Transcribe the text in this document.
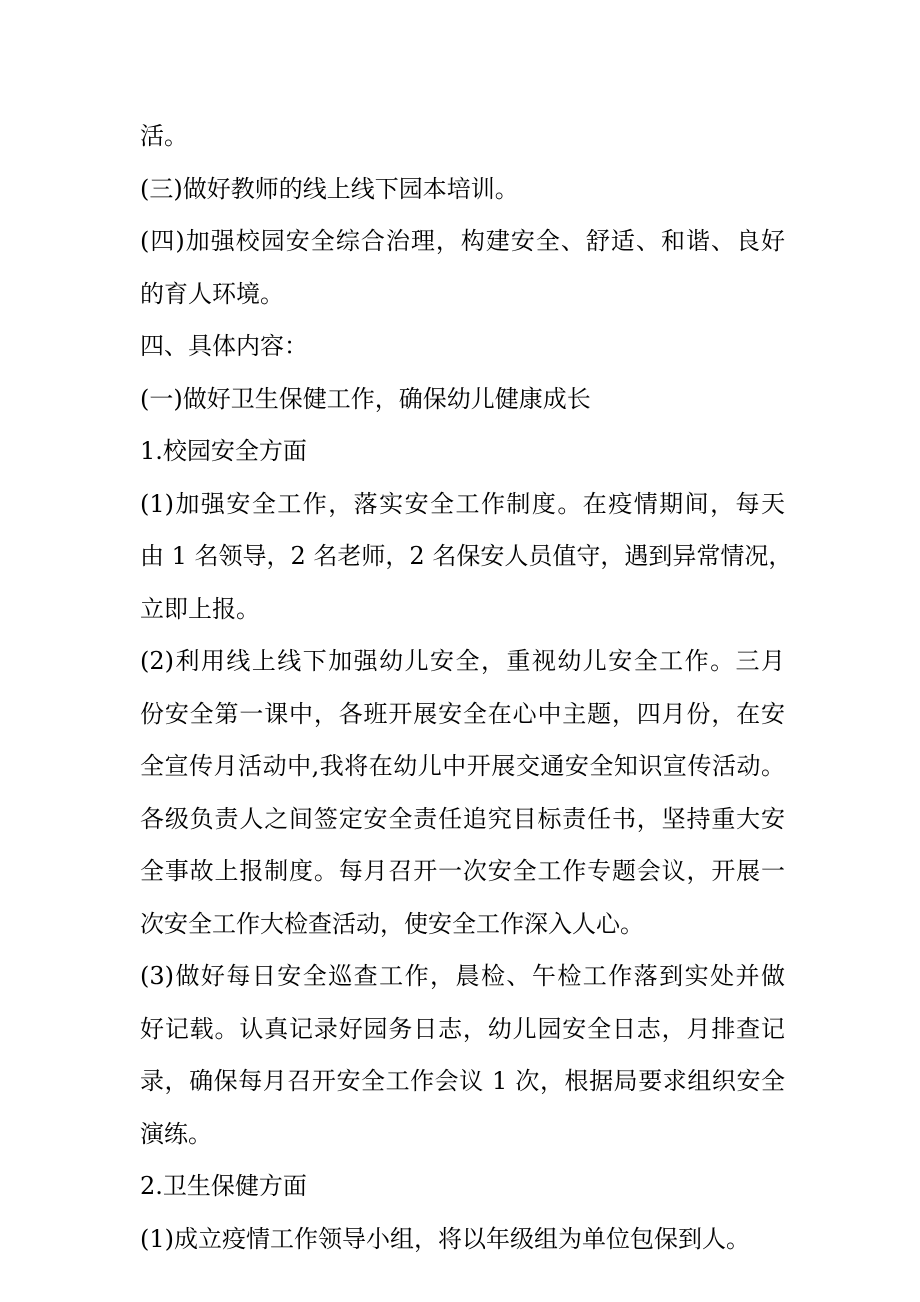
活。

(三)做好教师的线上线下园本培训。

(四)加强校园安全综合治理，构建安全、舒适、和谐、良好

的育人环境。

四、具体内容：

(一)做好卫生保健工作，确保幼儿健康成长

1.校园安全方面

(1)加强安全工作，落实安全工作制度。在疫情期间，每天

由 1 名领导，2 名老师，2 名保安人员值守，遇到异常情况，

立即上报。

(2)利用线上线下加强幼儿安全，重视幼儿安全工作。三月

份安全第一课中，各班开展安全在心中主题，四月份，在安

全宣传月活动中,我将在幼儿中开展交通安全知识宣传活动。

各级负责人之间签定安全责任追究目标责任书，坚持重大安

全事故上报制度。每月召开一次安全工作专题会议，开展一

次安全工作大检查活动，使安全工作深入人心。

(3)做好每日安全巡查工作，晨检、午检工作落到实处并做

好记载。认真记录好园务日志，幼儿园安全日志，月排查记

录，确保每月召开安全工作会议 1 次，根据局要求组织安全

演练。

2.卫生保健方面

(1)成立疫情工作领导小组，将以年级组为单位包保到人。
